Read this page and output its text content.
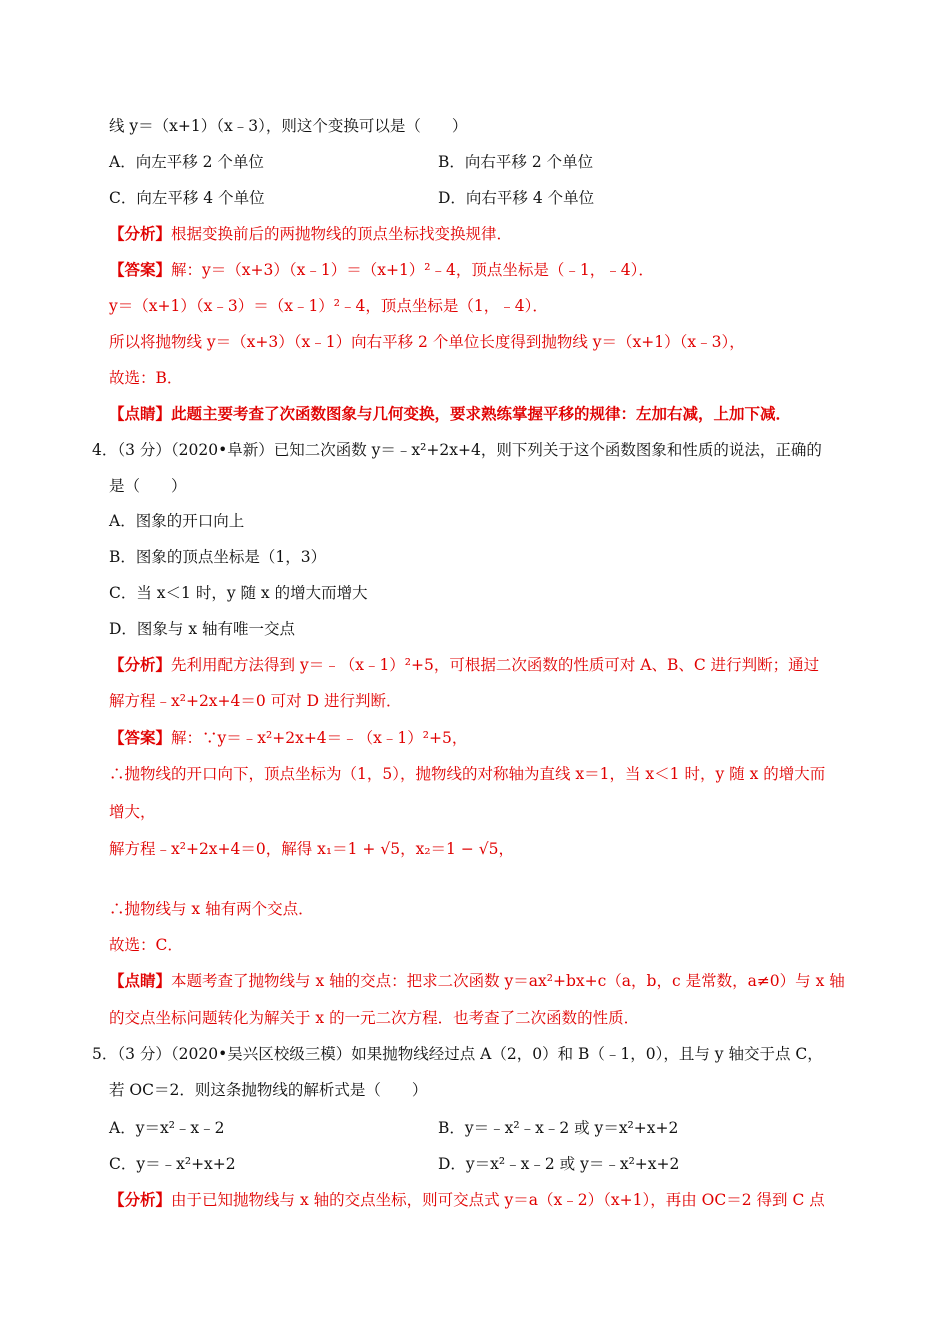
线 y＝（x+1）（x﹣3），则这个变换可以是（　　）
A．向左平移 2 个单位	B．向右平移 2 个单位
C．向左平移 4 个单位	D．向右平移 4 个单位
【分析】根据变换前后的两抛物线的顶点坐标找变换规律．
【答案】解：y＝（x+3）（x﹣1）＝（x+1）²﹣4，顶点坐标是（﹣1，﹣4）．
y＝（x+1）（x﹣3）＝（x﹣1）²﹣4，顶点坐标是（1，﹣4）．
所以将抛物线 y＝（x+3）（x﹣1）向右平移 2 个单位长度得到抛物线 y＝（x+1）（x﹣3），
故选：B．
【点睛】此题主要考查了次函数图象与几何变换，要求熟练掌握平移的规律：左加右减，上加下减．
4．（3 分）（2020•阜新）已知二次函数 y＝﹣x²+2x+4，则下列关于这个函数图象和性质的说法，正确的
是（　　）
A．图象的开口向上
B．图象的顶点坐标是（1，3）
C．当 x＜1 时，y 随 x 的增大而增大
D．图象与 x 轴有唯一交点
【分析】先利用配方法得到 y＝﹣（x﹣1）²+5，可根据二次函数的性质可对 A、B、C 进行判断；通过
解方程﹣x²+2x+4＝0 可对 D 进行判断．
【答案】解：∵y＝﹣x²+2x+4＝﹣（x﹣1）²+5，
∴抛物线的开口向下，顶点坐标为（1，5），抛物线的对称轴为直线 x＝1，当 x＜1 时，y 随 x 的增大而
增大，
解方程﹣x²+2x+4＝0，解得 x₁＝1 + √5，x₂＝1 − √5，
∴抛物线与 x 轴有两个交点．
故选：C．
【点睛】本题考查了抛物线与 x 轴的交点：把求二次函数 y＝ax²+bx+c（a，b，c 是常数，a≠0）与 x 轴
的交点坐标问题转化为解关于 x 的一元二次方程．也考查了二次函数的性质．
5．（3 分）（2020•吴兴区校级三模）如果抛物线经过点 A（2，0）和 B（﹣1，0），且与 y 轴交于点 C，
若 OC＝2．则这条抛物线的解析式是（　　）
A．y＝x²﹣x﹣2	B．y＝﹣x²﹣x﹣2 或 y＝x²+x+2
C．y＝﹣x²+x+2	D．y＝x²﹣x﹣2 或 y＝﹣x²+x+2
【分析】由于已知抛物线与 x 轴的交点坐标，则可交点式 y＝a（x﹣2）（x+1），再由 OC＝2 得到 C 点
